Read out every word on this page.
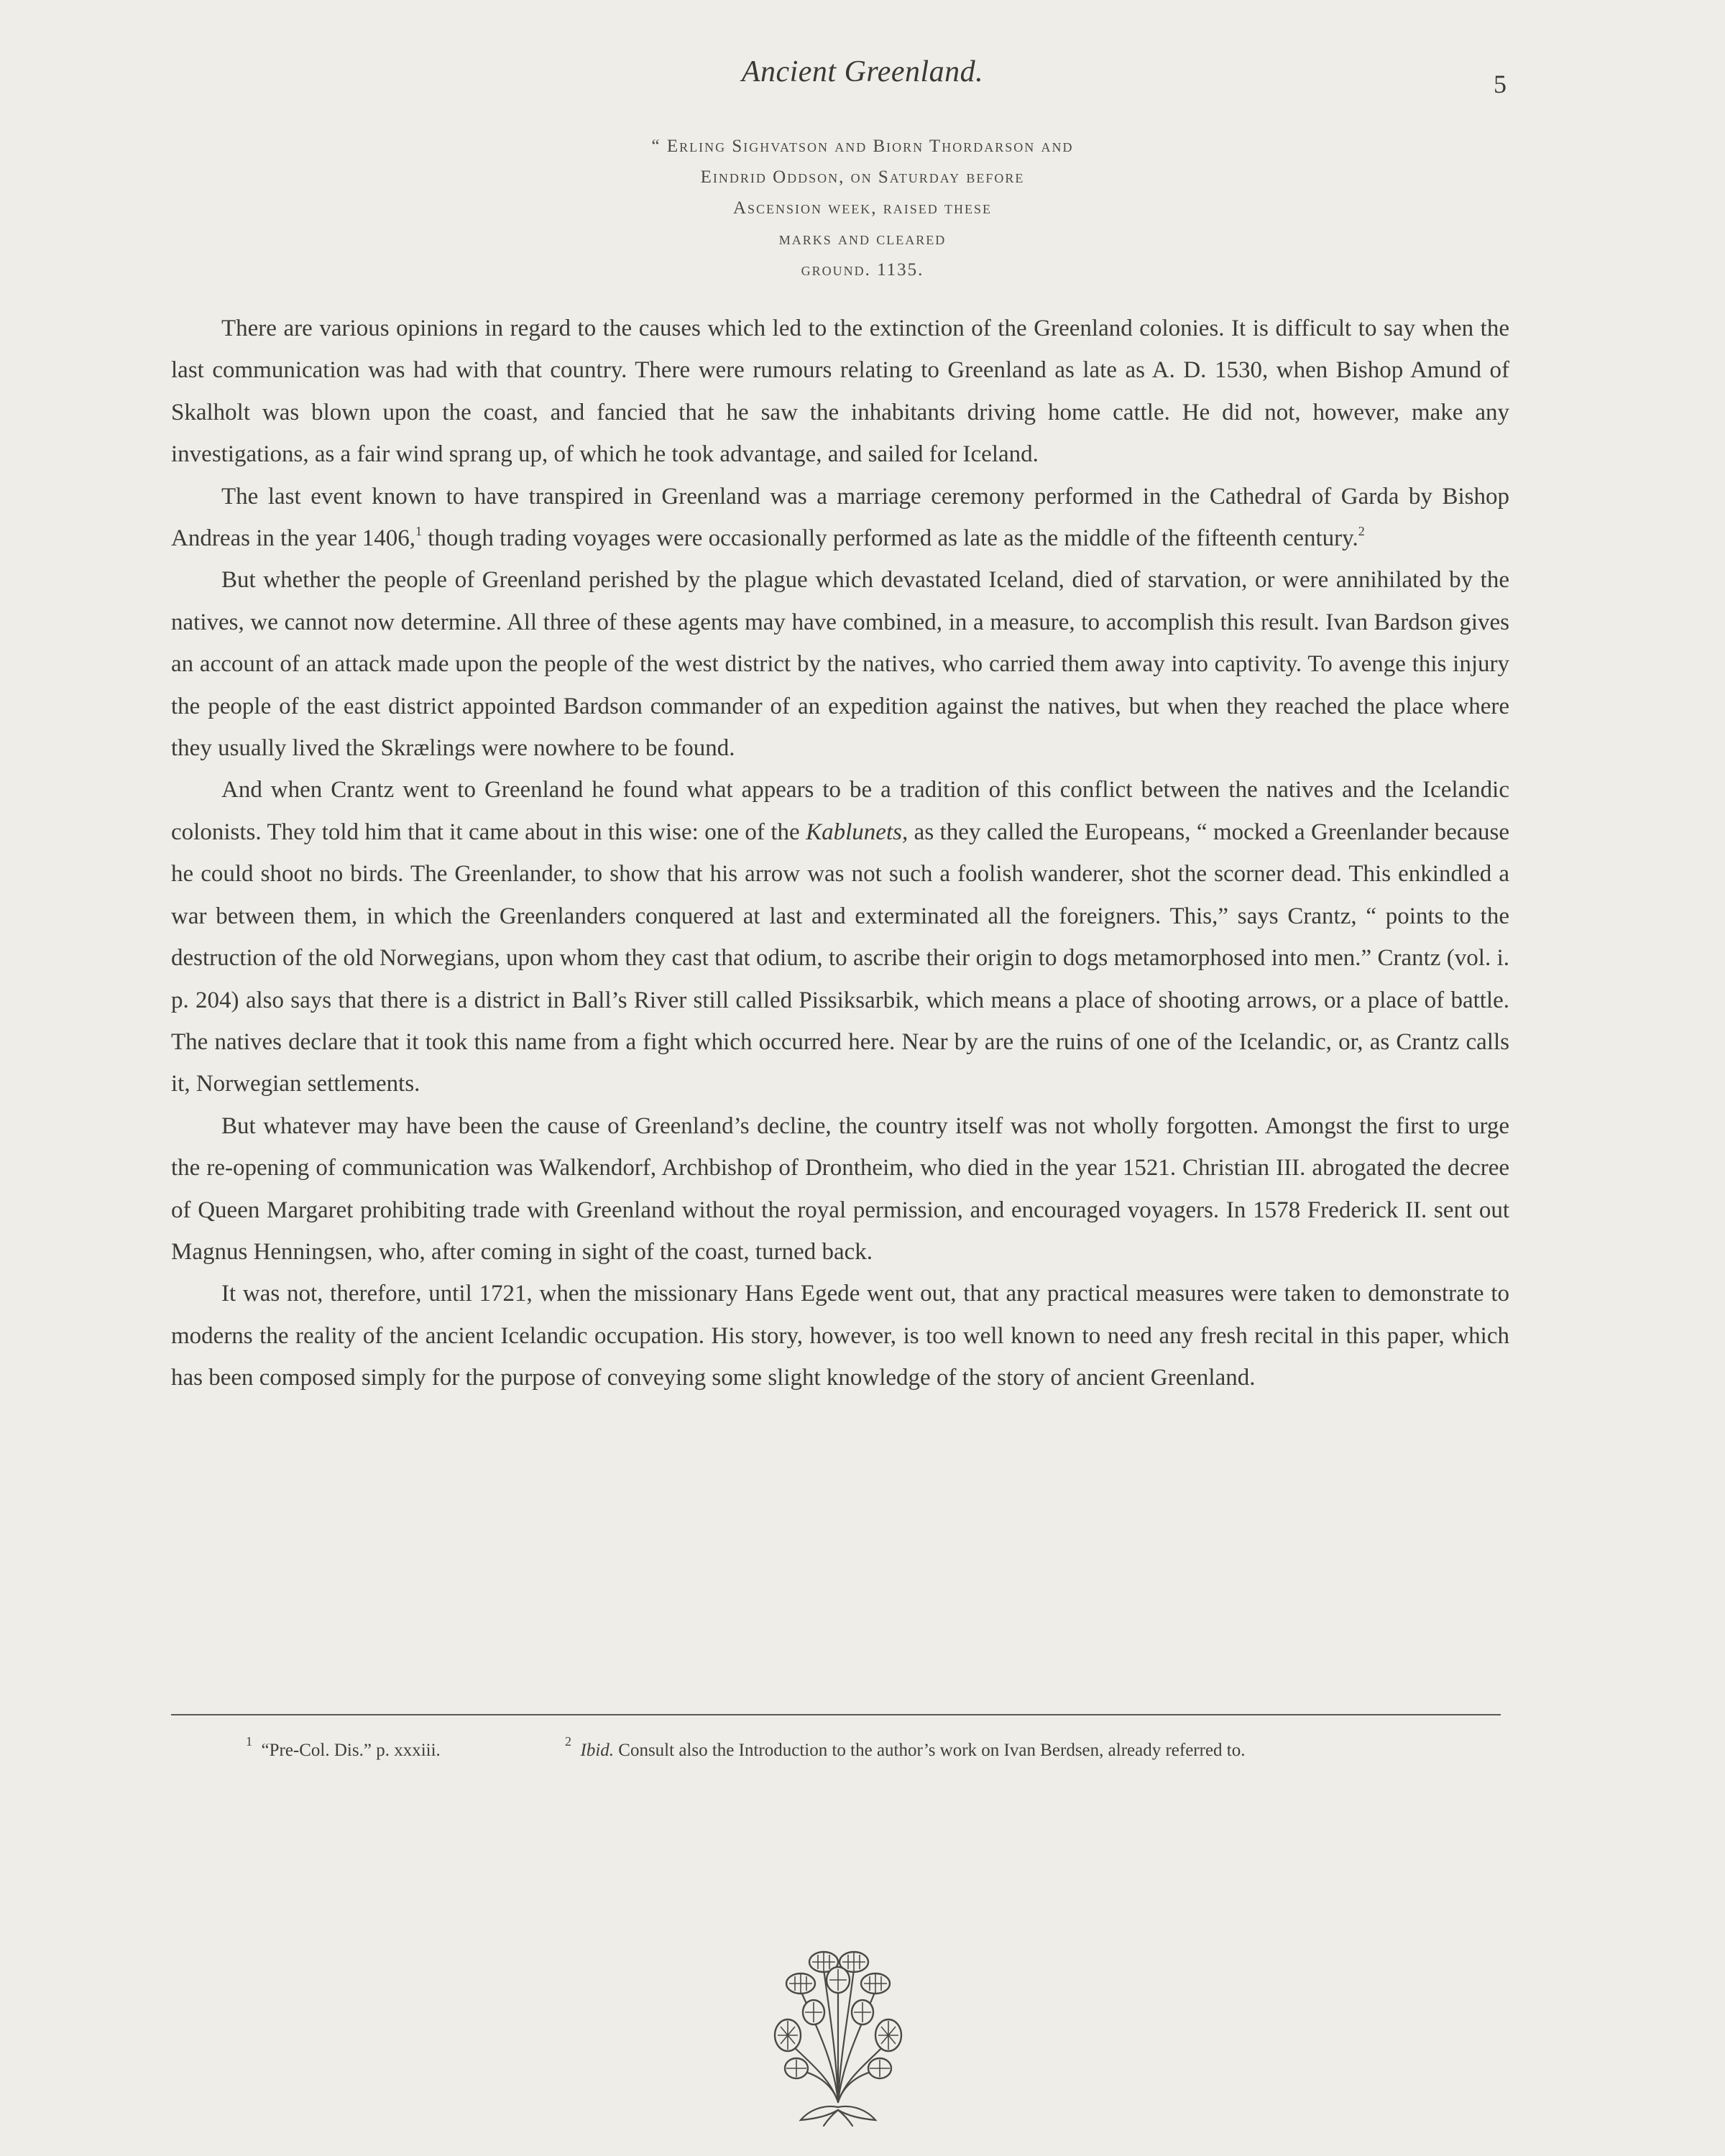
Ancient Greenland.	5
“ Erling Sighvatson and Biorn Thordarson and
Eindrid Oddson, on Saturday before
Ascension week, raised these
marks and cleared
ground. 1135.

There are various opinions in regard to the causes which led to the extinction of the Greenland colonies. It is difficult to say when the last communication was had with that country. There were rumours relating to Greenland as late as A. D. 1530, when Bishop Amund of Skalholt was blown upon the coast, and fancied that he saw the inhabitants driving home cattle. He did not, however, make any investigations, as a fair wind sprang up, of which he took advantage, and sailed for Iceland.

The last event known to have transpired in Greenland was a marriage ceremony performed in the Cathedral of Garda by Bishop Andreas in the year 1406,$^1$ though trading voyages were occasionally performed as late as the middle of the fifteenth century.$^2$

But whether the people of Greenland perished by the plague which devastated Iceland, died of starvation, or were annihilated by the natives, we cannot now determine. All three of these agents may have combined, in a measure, to accomplish this result. Ivan Bardson gives an account of an attack made upon the people of the west district by the natives, who carried them away into captivity. To avenge this injury the people of the east district appointed Bardson commander of an expedition against the natives, but when they reached the place where they usually lived the Skrælings were nowhere to be found.

And when Crantz went to Greenland he found what appears to be a tradition of this conflict between the natives and the Icelandic colonists. They told him that it came about in this wise: one of the Kablunets, as they called the Europeans, “ mocked a Greenlander because he could shoot no birds. The Greenlander, to show that his arrow was not such a foolish wanderer, shot the scorner dead. This enkindled a war between them, in which the Greenlanders conquered at last and exterminated all the foreigners. This,” says Crantz, “ points to the destruction of the old Norwegians, upon whom they cast that odium, to ascribe their origin to dogs metamorphosed into men.” Crantz (vol. i. p. 204) also says that there is a district in Ball’s River still called Pissiksarbik, which means a place of shooting arrows, or a place of battle. The natives declare that it took this name from a fight which occurred here. Near by are the ruins of one of the Icelandic, or, as Crantz calls it, Norwegian settlements.

But whatever may have been the cause of Greenland’s decline, the country itself was not wholly forgotten. Amongst the first to urge the re-opening of communication was Walkendorf, Archbishop of Drontheim, who died in the year 1521. Christian III. abrogated the decree of Queen Margaret prohibiting trade with Greenland without the royal permission, and encouraged voyagers. In 1578 Frederick II. sent out Magnus Henningsen, who, after coming in sight of the coast, turned back.

It was not, therefore, until 1721, when the missionary Hans Egede went out, that any practical measures were taken to demonstrate to moderns the reality of the ancient Icelandic occupation. His story, however, is too well known to need any fresh recital in this paper, which has been composed simply for the purpose of conveying some slight knowledge of the story of ancient Greenland.

$^1$ “Pre-Col. Dis.” p. xxxiii.	$^2$ Ibid. Consult also the Introduction to the author’s work on Ivan Berdsen, already referred to.
